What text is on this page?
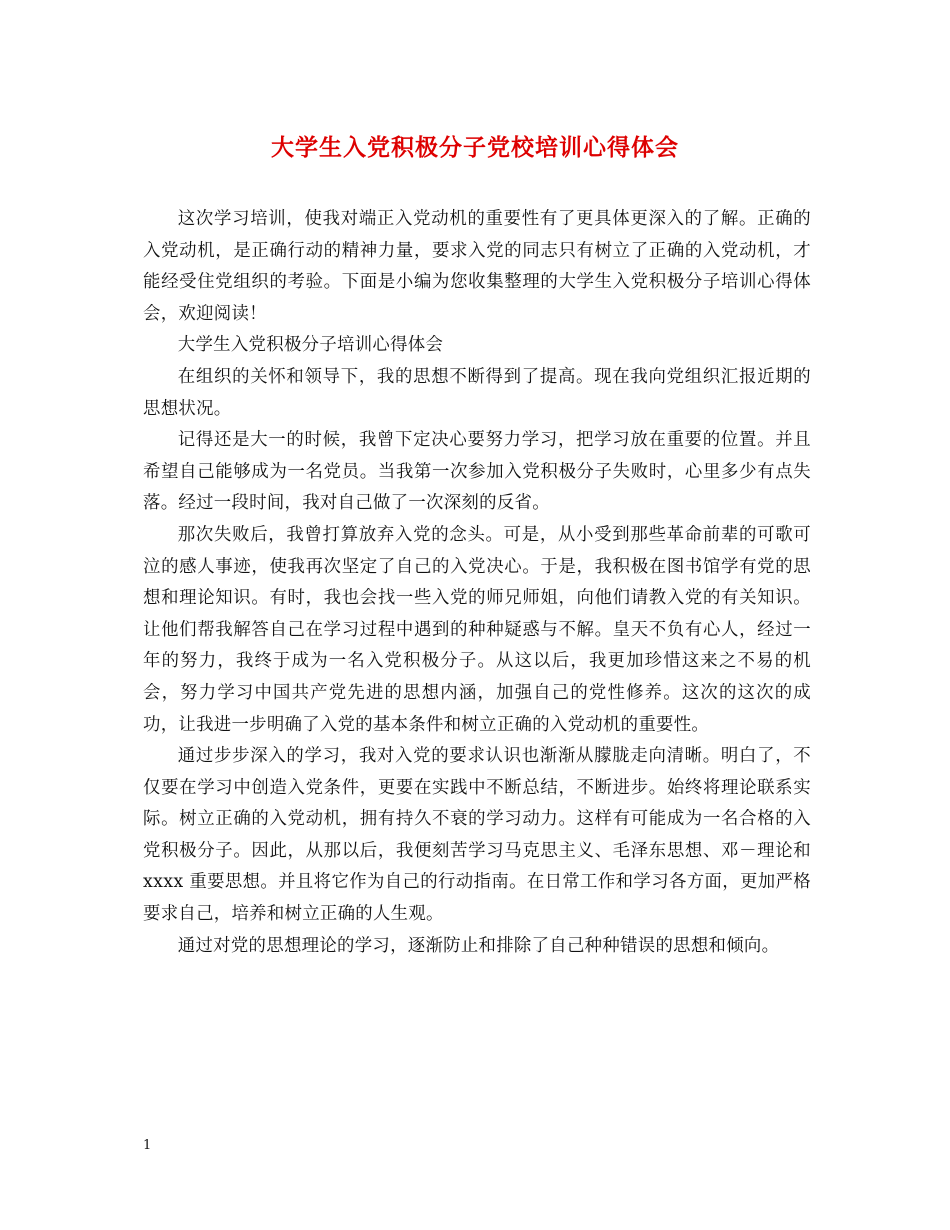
大学生入党积极分子党校培训心得体会

这次学习培训，使我对端正入党动机的重要性有了更具体更深入的了解。正确的入党动机，是正确行动的精神力量，要求入党的同志只有树立了正确的入党动机，才能经受住党组织的考验。下面是小编为您收集整理的大学生入党积极分子培训心得体会，欢迎阅读！

大学生入党积极分子培训心得体会

在组织的关怀和领导下，我的思想不断得到了提高。现在我向党组织汇报近期的思想状况。

记得还是大一的时候，我曾下定决心要努力学习，把学习放在重要的位置。并且希望自己能够成为一名党员。当我第一次参加入党积极分子失败时，心里多少有点失落。经过一段时间，我对自己做了一次深刻的反省。

那次失败后，我曾打算放弃入党的念头。可是，从小受到那些革命前辈的可歌可泣的感人事迹，使我再次坚定了自己的入党决心。于是，我积极在图书馆学有党的思想和理论知识。有时，我也会找一些入党的师兄师姐，向他们请教入党的有关知识。让他们帮我解答自己在学习过程中遇到的种种疑惑与不解。皇天不负有心人，经过一年的努力，我终于成为一名入党积极分子。从这以后，我更加珍惜这来之不易的机会，努力学习中国共产党先进的思想内涵，加强自己的党性修养。这次的这次的成功，让我进一步明确了入党的基本条件和树立正确的入党动机的重要性。

通过步步深入的学习，我对入党的要求认识也渐渐从朦胧走向清晰。明白了，不仅要在学习中创造入党条件，更要在实践中不断总结，不断进步。始终将理论联系实际。树立正确的入党动机，拥有持久不衰的学习动力。这样有可能成为一名合格的入党积极分子。因此，从那以后，我便刻苦学习马克思主义、毛泽东思想、邓－理论和 xxxx 重要思想。并且将它作为自己的行动指南。在日常工作和学习各方面，更加严格要求自己，培养和树立正确的人生观。

通过对党的思想理论的学习，逐渐防止和排除了自己种种错误的思想和倾向。

1
